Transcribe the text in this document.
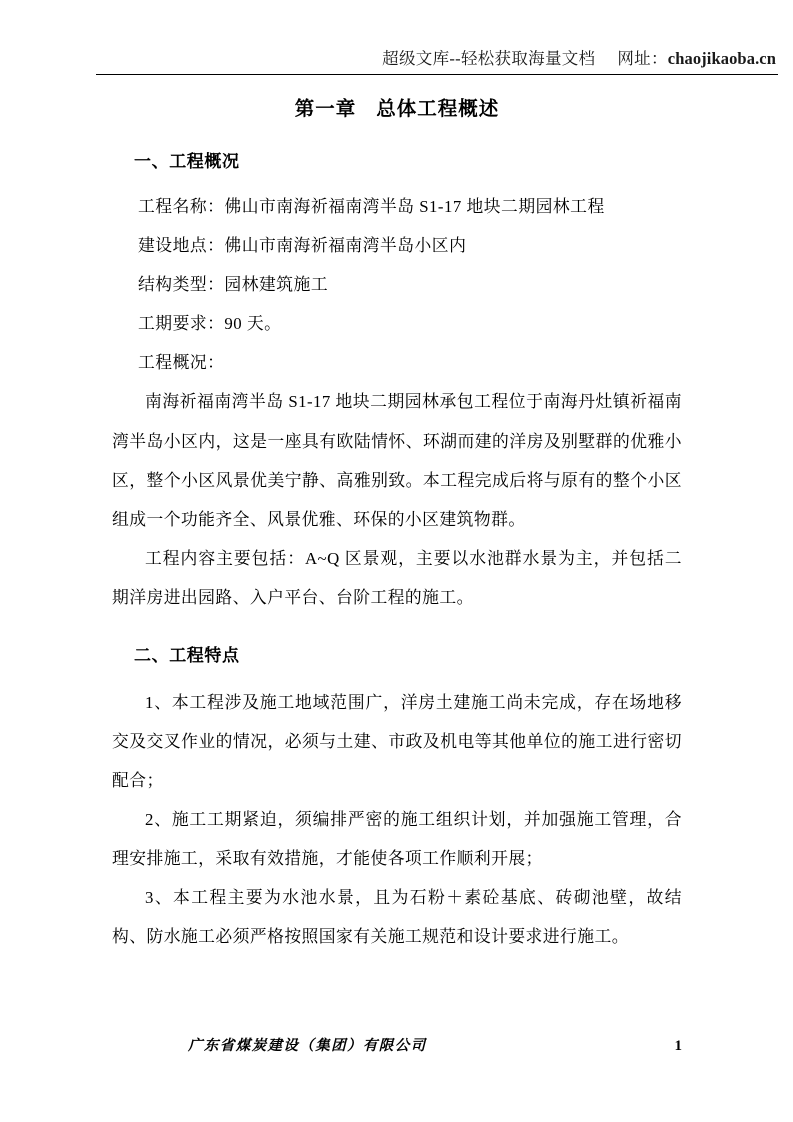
超级文库--轻松获取海量文档 网址：chaojikaoba.cn
第一章 总体工程概述
一、工程概况

工程名称：佛山市南海祈福南湾半岛 S1-17 地块二期园林工程

建设地点：佛山市南海祈福南湾半岛小区内

结构类型：园林建筑施工

工期要求：90 天。

工程概况：

南海祈福南湾半岛 S1-17 地块二期园林承包工程位于南海丹灶镇祈福南湾半岛小区内，这是一座具有欧陆情怀、环湖而建的洋房及别墅群的优雅小区，整个小区风景优美宁静、高雅别致。本工程完成后将与原有的整个小区组成一个功能齐全、风景优雅、环保的小区建筑物群。

工程内容主要包括：A~Q 区景观，主要以水池群水景为主，并包括二期洋房进出园路、入户平台、台阶工程的施工。

二、工程特点

1、本工程涉及施工地域范围广，洋房土建施工尚未完成，存在场地移交及交叉作业的情况，必须与土建、市政及机电等其他单位的施工进行密切配合；

2、施工工期紧迫，须编排严密的施工组织计划，并加强施工管理，合理安排施工，采取有效措施，才能使各项工作顺利开展；

3、本工程主要为水池水景，且为石粉＋素砼基底、砖砌池壁，故结构、防水施工必须严格按照国家有关施工规范和设计要求进行施工。

广东省煤炭建设（集团）有限公司	1
